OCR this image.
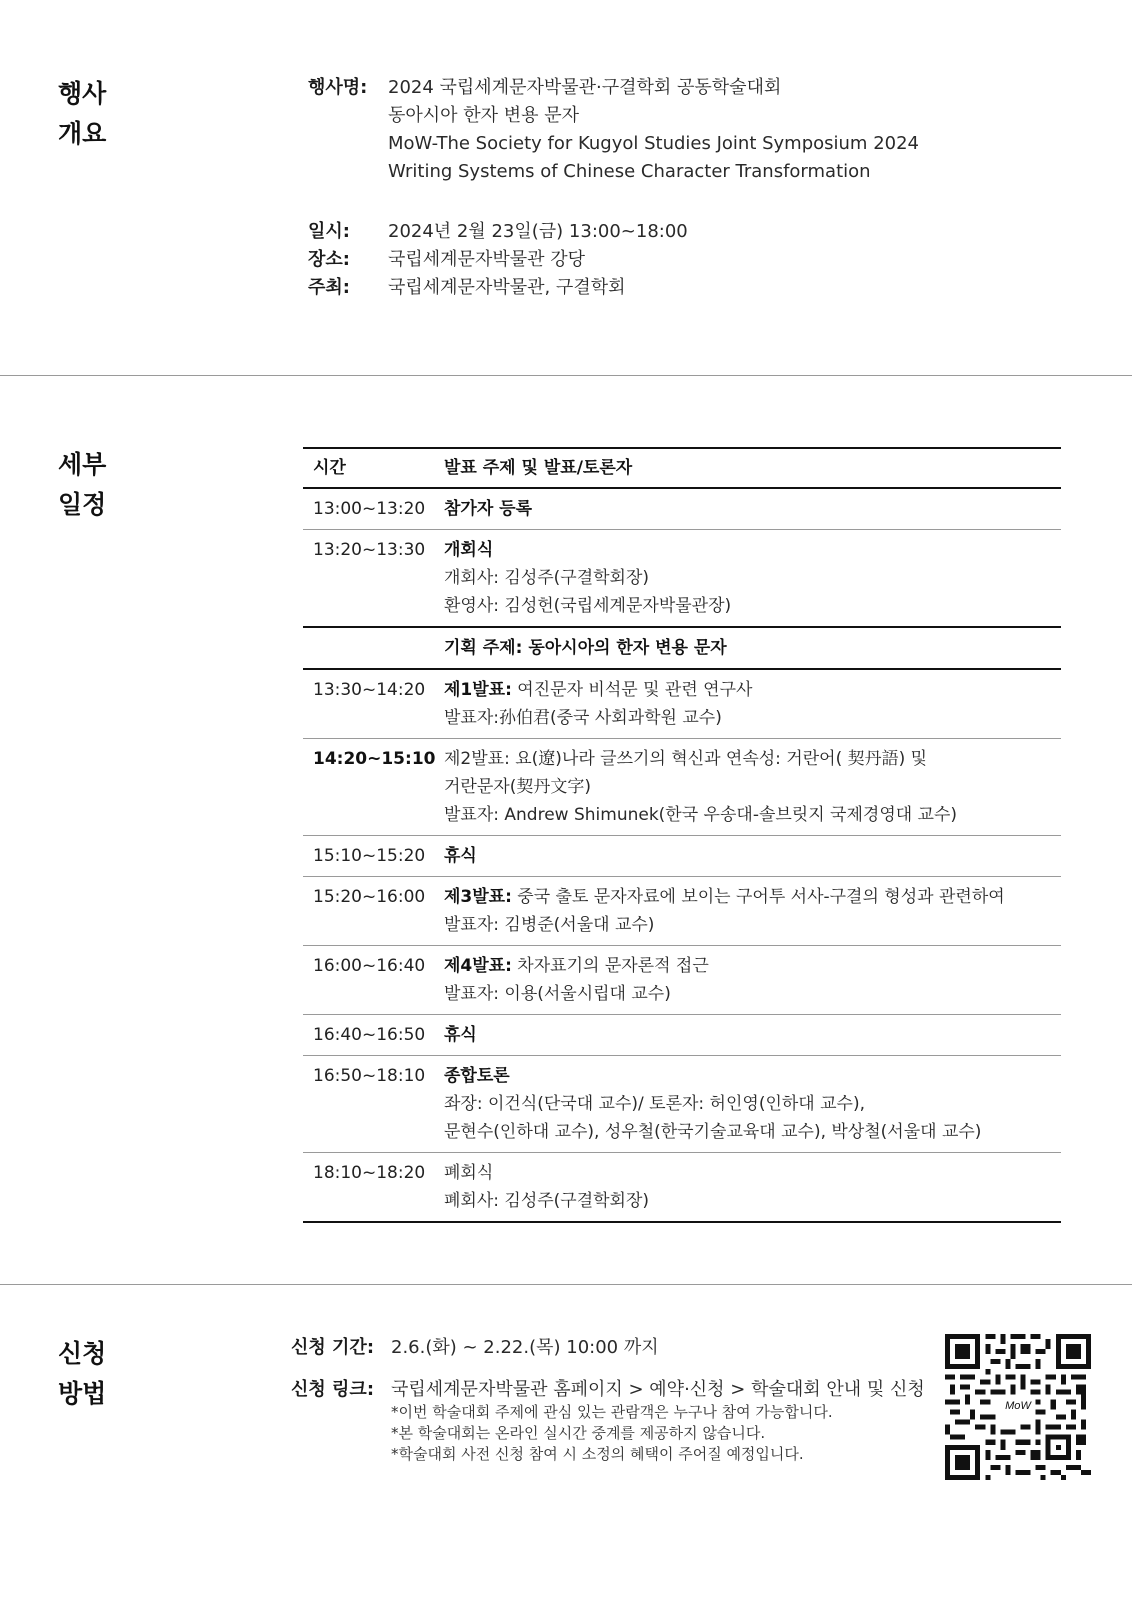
행사
개요
행사명: 2024 국립세계문자박물관·구결학회 공동학술대회
동아시아 한자 변용 문자
MoW-The Society for Kugyol Studies Joint Symposium 2024
Writing Systems of Chinese Character Transformation
일시: 2024년 2월 23일(금) 13:00~18:00
장소: 국립세계문자박물관 강당
주최: 국립세계문자박물관, 구결학회
세부
일정
시간	발표 주제 및 발표/토론자
13:00~13:20	참가자 등록
13:20~13:30	개회식
개회사: 김성주(구결학회장)
환영사: 김성헌(국립세계문자박물관장)
기획 주제: 동아시아의 한자 변용 문자
13:30~14:20	제1발표: 여진문자 비석문 및 관련 연구사
발표자:孙伯君(중국 사회과학원 교수)
14:20~15:10 제2발표: 요(遼)나라 글쓰기의 혁신과 연속성: 거란어( 契丹語) 및
거란문자(契丹文字)
발표자: Andrew Shimunek(한국 우송대-솔브릿지 국제경영대 교수)
15:10~15:20	휴식
15:20~16:00	제3발표: 중국 출토 문자자료에 보이는 구어투 서사-구결의 형성과 관련하여
발표자: 김병준(서울대 교수)
16:00~16:40	제4발표: 차자표기의 문자론적 접근
발표자: 이용(서울시립대 교수)
16:40~16:50	휴식
16:50~18:10	종합토론
좌장: 이건식(단국대 교수)/ 토론자: 허인영(인하대 교수),
문현수(인하대 교수), 성우철(한국기술교육대 교수), 박상철(서울대 교수)
18:10~18:20	폐회식
폐회사: 김성주(구결학회장)
신청
방법
신청 기간: 2.6.(화) ~ 2.22.(목) 10:00 까지
신청 링크: 국립세계문자박물관 홈페이지 > 예약·신청 > 학술대회 안내 및 신청
*이번 학술대회 주제에 관심 있는 관람객은 누구나 참여 가능합니다.
*본 학술대회는 온라인 실시간 중계를 제공하지 않습니다.
*학술대회 사전 신청 참여 시 소정의 혜택이 주어질 예정입니다.
MoW
